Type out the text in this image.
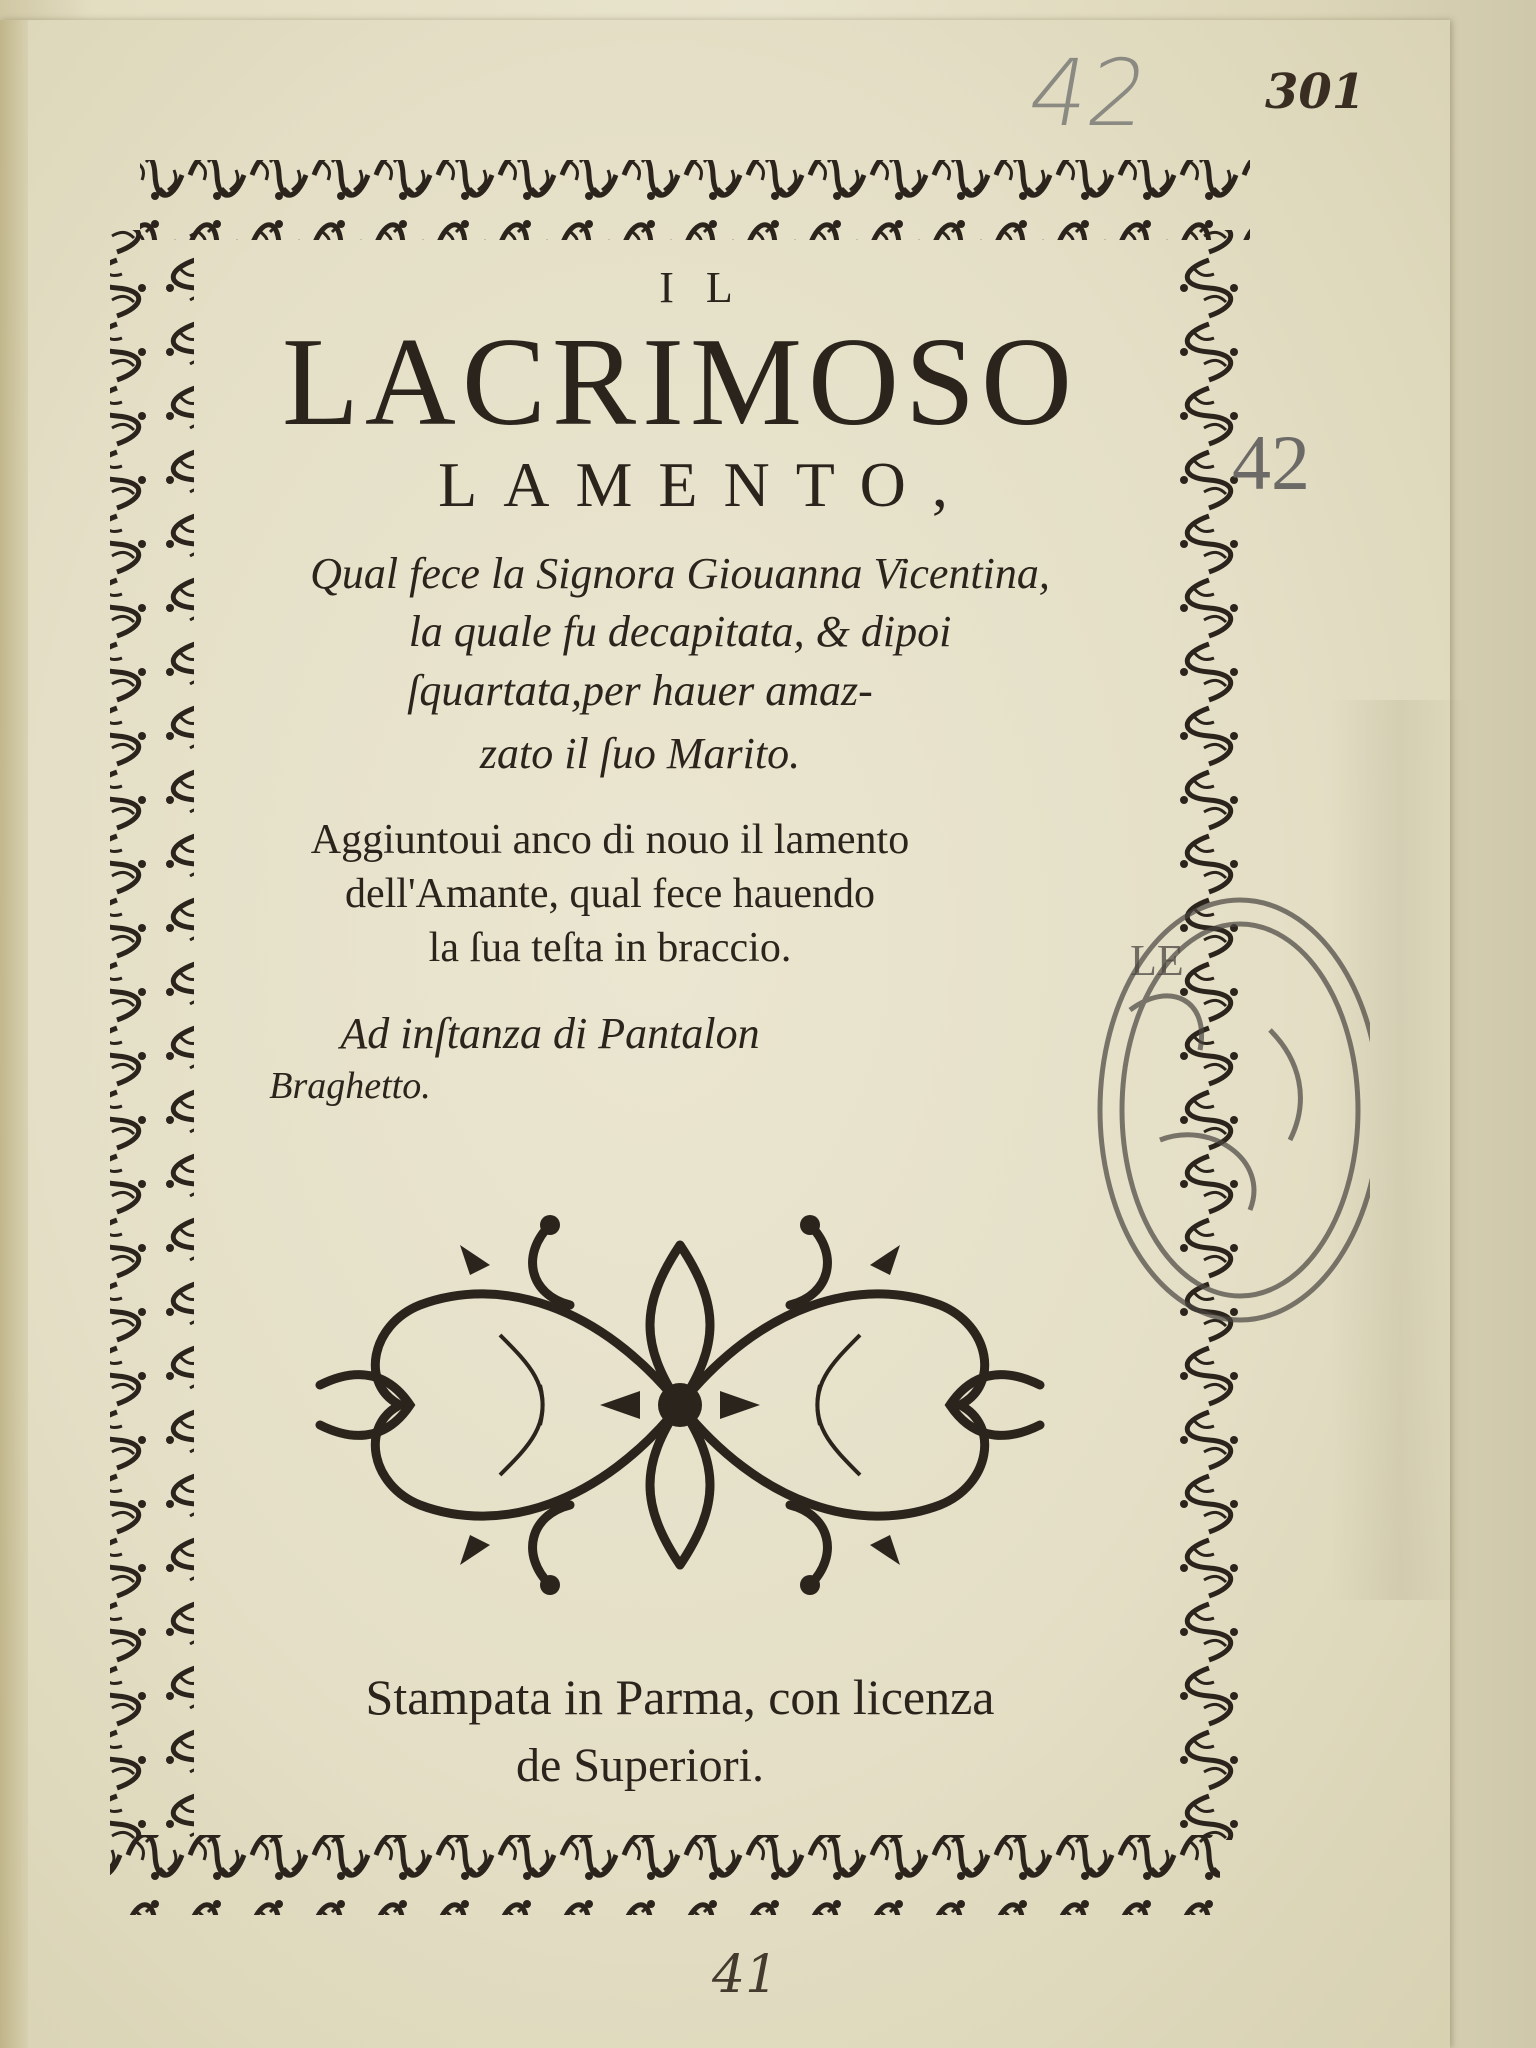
IL
LACRIMOSO
LAMENTO,
Qual fece la Signora Giouanna Vicentina,
la quale fu decapitata, & dipoi
ſquartata,per hauer amaz-
zato il ſuo Marito.
Aggiuntoui anco di nouo il lamento
dell'Amante, qual fece hauendo
la ſua teſta in braccio.
Ad inſtanza di Pantalon
Braghetto.
Stampata in Parma, con licenza
de Superiori.
42 301
42
41
LE
